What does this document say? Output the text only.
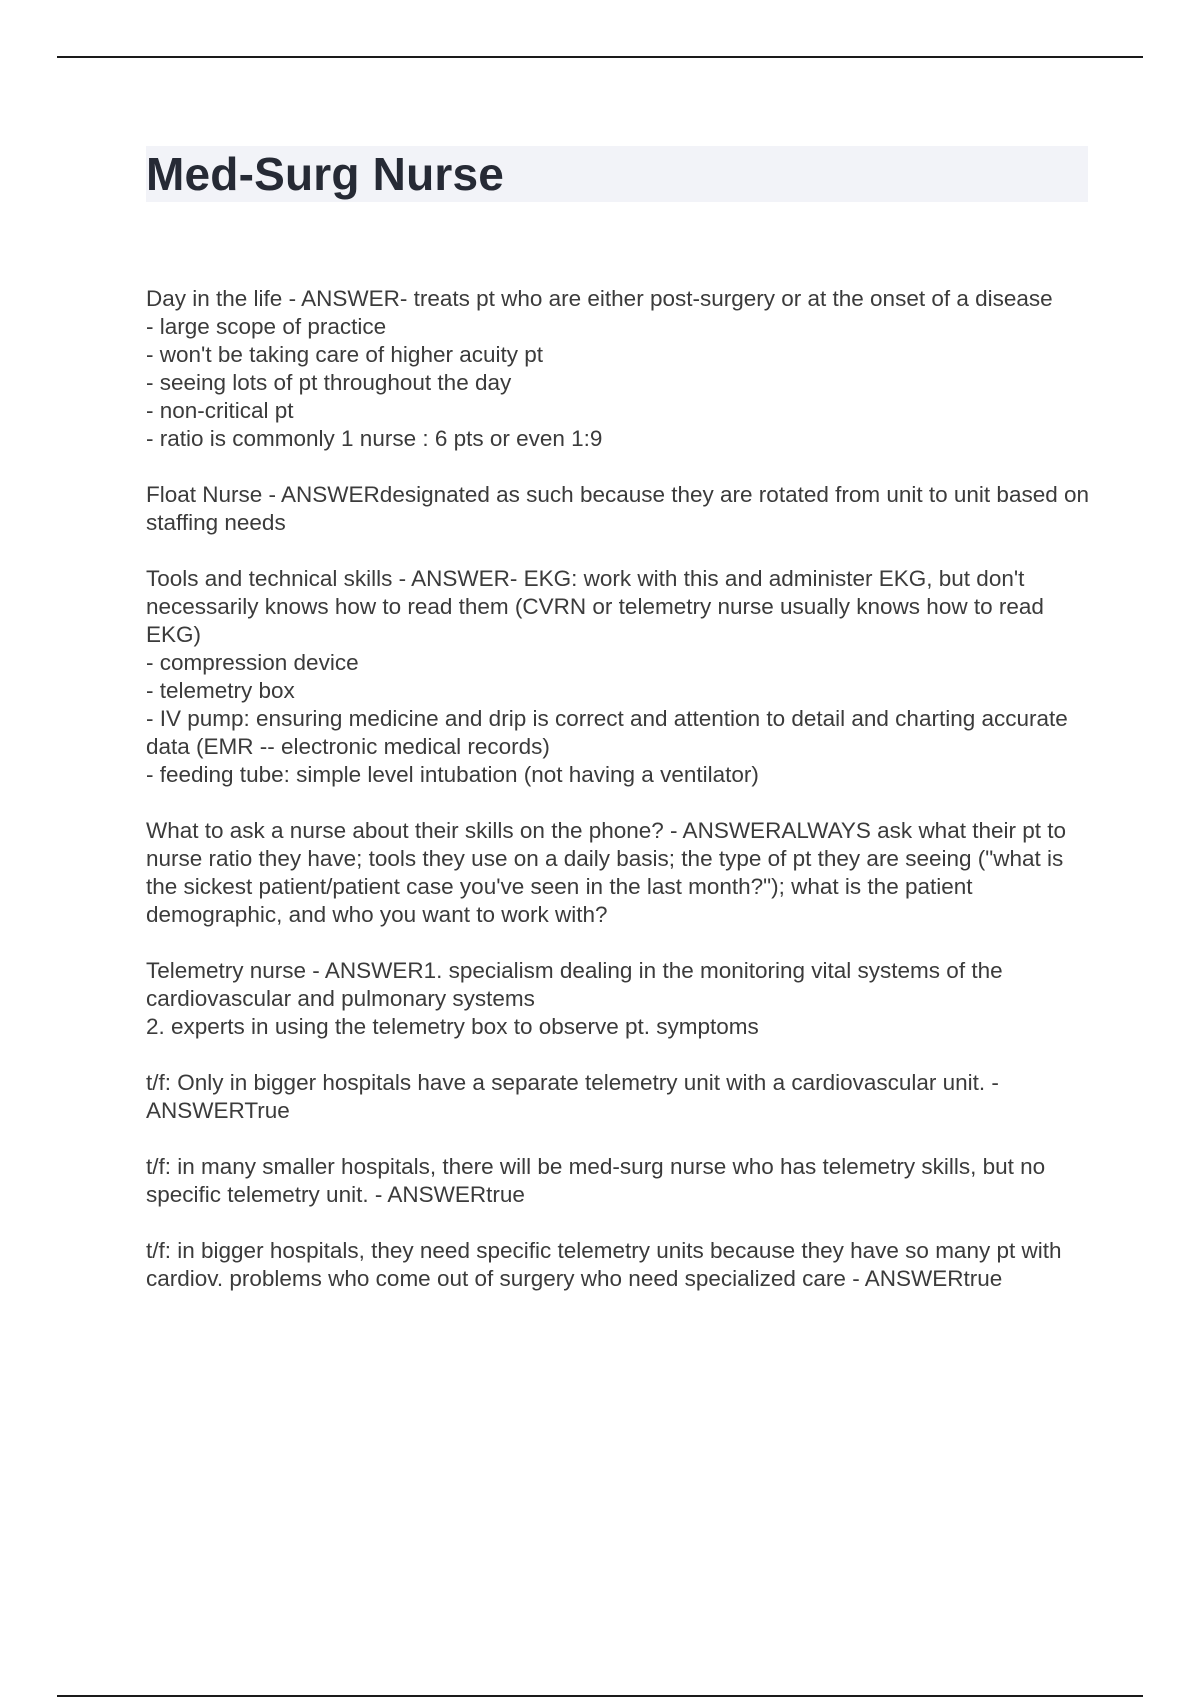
Med-Surg Nurse

Day in the life - ANSWER- treats pt who are either post-surgery or at the onset of a disease

- large scope of practice
- won't be taking care of higher acuity pt
- seeing lots of pt throughout the day
- non-critical pt
- ratio is commonly 1 nurse : 6 pts or even 1:9

Float Nurse - ANSWERdesignated as such because they are rotated from unit to unit based on staffing needs

Tools and technical skills - ANSWER- EKG: work with this and administer EKG, but don't necessarily knows how to read them (CVRN or telemetry nurse usually knows how to read EKG)

- compression device
- telemetry box
- IV pump: ensuring medicine and drip is correct and attention to detail and charting accurate data (EMR -- electronic medical records)
- feeding tube: simple level intubation (not having a ventilator)

What to ask a nurse about their skills on the phone? - ANSWERALWAYS ask what their pt to nurse ratio they have; tools they use on a daily basis; the type of pt they are seeing ("what is the sickest patient/patient case you've seen in the last month?"); what is the patient demographic, and who you want to work with?

Telemetry nurse - ANSWER1. specialism dealing in the monitoring vital systems of the cardiovascular and pulmonary systems

2. experts in using the telemetry box to observe pt. symptoms

t/f: Only in bigger hospitals have a separate telemetry unit with a cardiovascular unit. - ANSWERTrue

t/f: in many smaller hospitals, there will be med-surg nurse who has telemetry skills, but no specific telemetry unit. - ANSWERtrue

t/f: in bigger hospitals, they need specific telemetry units because they have so many pt with cardiov. problems who come out of surgery who need specialized care - ANSWERtrue
